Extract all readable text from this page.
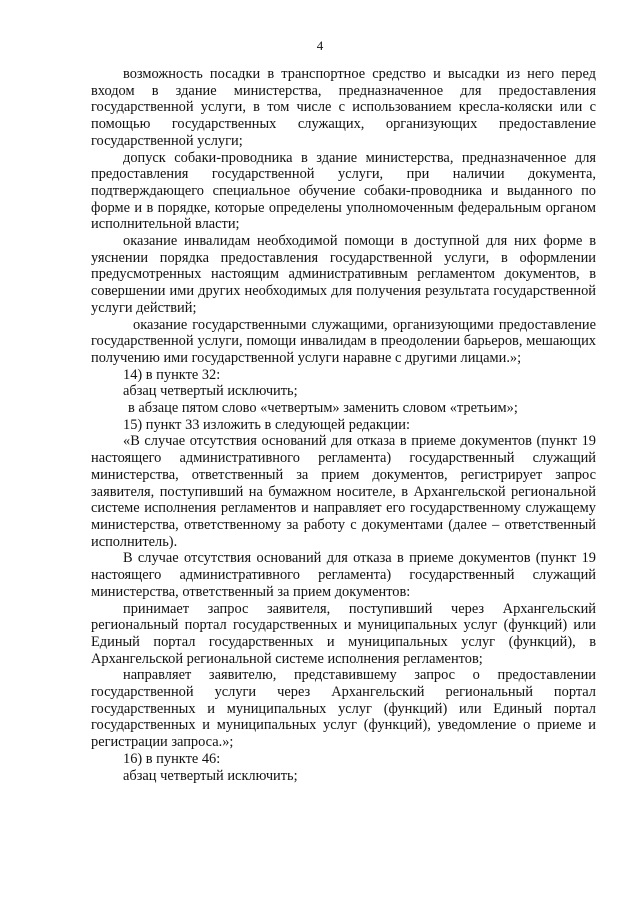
4

возможность посадки в транспортное средство и высадки из него перед входом в здание министерства, предназначенное для предоставления государственной услуги, в том числе с использованием кресла-коляски или с помощью государственных служащих, организующих предоставление государственной услуги;

допуск собаки-проводника в здание министерства, предназначенное для предоставления государственной услуги, при наличии документа, подтверждающего специальное обучение собаки-проводника и выданного по форме и в порядке, которые определены уполномоченным федеральным органом исполнительной власти;

оказание инвалидам необходимой помощи в доступной для них форме в уяснении порядка предоставления государственной услуги, в оформлении предусмотренных настоящим административным регламентом документов, в совершении ими других необходимых для получения результата государственной услуги действий;

оказание государственными служащими, организующими предоставление государственной услуги, помощи инвалидам в преодолении барьеров, мешающих получению ими государственной услуги наравне с другими лицами.»;

14) в пункте 32:

абзац четвертый исключить;

в абзаце пятом слово «четвертым» заменить словом «третьим»;

15) пункт 33 изложить в следующей редакции:

«В случае отсутствия оснований для отказа в приеме документов (пункт 19 настоящего административного регламента) государственный служащий министерства, ответственный за прием документов, регистрирует запрос заявителя, поступивший на бумажном носителе, в Архангельской региональной системе исполнения регламентов и направляет его государственному служащему министерства, ответственному за работу с документами (далее – ответственный исполнитель).

В случае отсутствия оснований для отказа в приеме документов (пункт 19 настоящего административного регламента) государственный служащий министерства, ответственный за прием документов:

принимает запрос заявителя, поступивший через Архангельский региональный портал государственных и муниципальных услуг (функций) или Единый портал государственных и муниципальных услуг (функций), в Архангельской региональной системе исполнения регламентов;

направляет заявителю, представившему запрос о предоставлении государственной услуги через Архангельский региональный портал государственных и муниципальных услуг (функций) или Единый портал государственных и муниципальных услуг (функций), уведомление о приеме и регистрации запроса.»;

16) в пункте 46:

абзац четвертый исключить;
